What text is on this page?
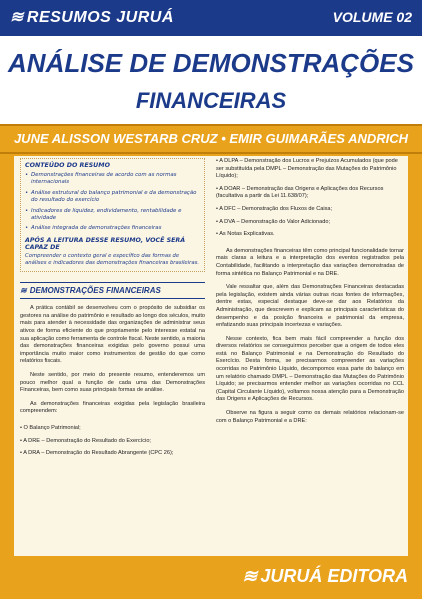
≋ RESUMOS JURUÁ	VOLUME 02
ANÁLISE DE DEMONSTRAÇÕES
FINANCEIRAS
JUNE ALISSON WESTARB CRUZ • EMIR GUIMARÃES ANDRICH
CONTEÚDO DO RESUMO
• Demonstrações financeiras de acordo com as normas internacionais
• Análise estrutural do balanço patrimonial e da demonstração do resultado do exercício
• Indicadores de liquidez, endividamento, rentabilidade e atividade
• Análise integrada de demonstrações financeiras
APÓS A LEITURA DESSE RESUMO, VOCÊ SERÁ CAPAZ DE
Compreender o contexto geral e específico das formas de análises e indicadores das demonstrações financeiras brasileiras.
≋ DEMONSTRAÇÕES FINANCEIRAS

A prática contábil se desenvolveu com o propósito de subsidiar os gestores na análise do patrimônio e resultado ao longo dos séculos, muito mais para atender à necessidade das organizações de administrar seus ativos de forma eficiente do que propriamente pelo interesse estatal na sua aplicação como ferramenta de controle fiscal. Neste sentido, a maioria das demonstrações financeiras exigidas pelo governo possui uma importância muito maior como instrumentos de gestão do que como relatórios fiscais.

Neste sentido, por meio do presente resumo, entenderemos um pouco melhor qual a função de cada uma das Demonstrações Financeiras, bem como suas principais formas de análise.

As demonstrações financeiras exigidas pela legislação brasileira compreendem:

• O Balanço Patrimonial;
• A DRE – Demonstração do Resultado do Exercício;
• A DRA – Demonstração do Resultado Abrangente (CPC 26);
• A DLPA – Demonstração dos Lucros e Prejuízos Acumulados (que pode ser substituída pela DMPL – Demonstração das Mutações do Patrimônio Líquido);
• A DOAR – Demonstração das Origens e Aplicações dos Recursos (facultativa a partir da Lei 11.638/07);
• A DFC – Demonstração dos Fluxos de Caixa;
• A DVA – Demonstração do Valor Adicionado;
• As Notas Explicativas.

As demonstrações financeiras têm como principal funcionalidade tornar mais claras a leitura e a interpretação dos eventos registrados pela Contabilidade, facilitando a interpretação das variações demonstradas de forma sintética no Balanço Patrimonial e na DRE.

Vale ressaltar que, além das Demonstrações Financeiras destacadas pela legislação, existem ainda várias outras ricas fontes de informações, dentre estas, especial destaque deve-se dar aos Relatórios da Administração, que descrevem e explicam as principais características do desempenho e da posição financeira e patrimonial da empresa, enfatizando suas principais incertezas e variações.

Nesse contexto, fica bem mais fácil compreender a função dos diversos relatórios se conseguirmos perceber que a origem de todos eles está no Balanço Patrimonial e na Demonstração do Resultado do Exercício. Desta forma, se precisarmos compreender as variações ocorridas no Patrimônio Líquido, decompomos essa parte do balanço em um relatório chamado DMPL – Demonstração das Mutações do Patrimônio Líquido; se precisarmos entender melhor as variações ocorridas no CCL (Capital Circulante Líquido), voltamos nossa atenção para a Demonstração das Origens e Aplicações de Recursos.

Observe na figura a seguir como os demais relatórios relacionam-se com o Balanço Patrimonial e a DRE:

≋ JURUÁ EDITORA
